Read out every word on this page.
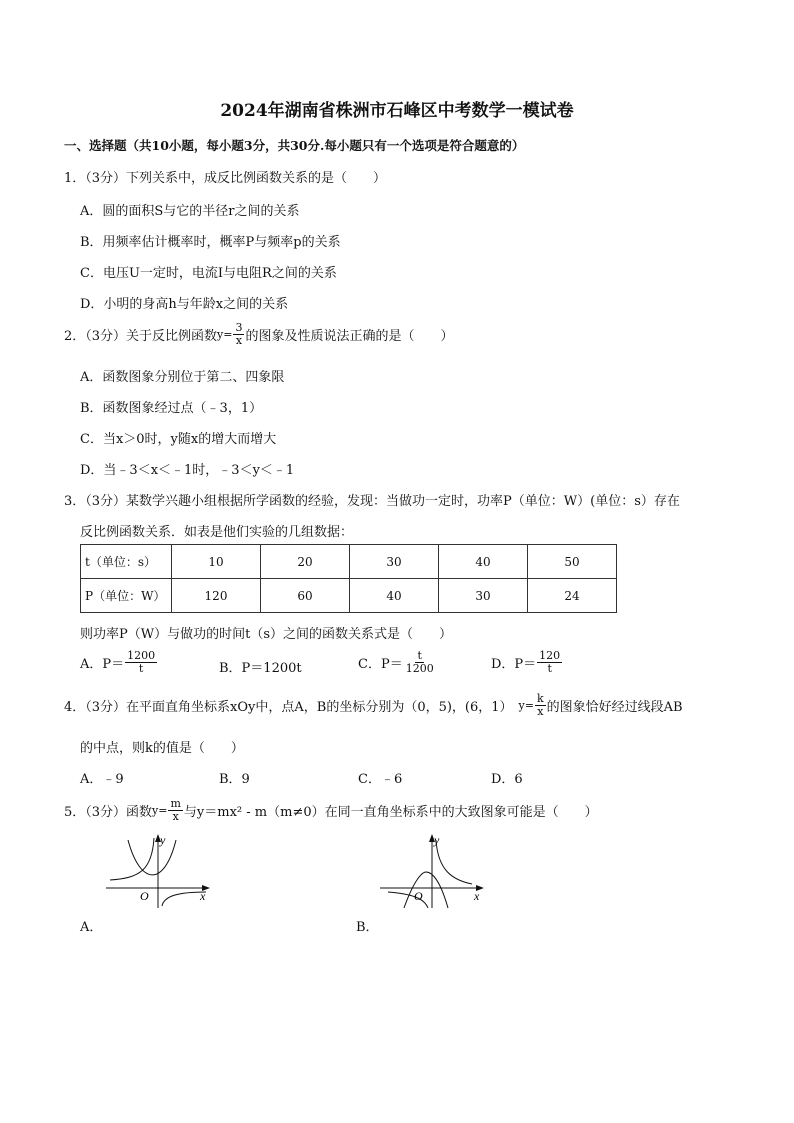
2024年湖南省株洲市石峰区中考数学一模试卷
一、选择题（共10小题，每小题3分，共30分.每小题只有一个选项是符合题意的）
1．（3分）下列关系中，成反比例函数关系的是（　　）
A．圆的面积S与它的半径r之间的关系
B．用频率估计概率时，概率P与频率p的关系
C．电压U一定时，电流I与电阻R之间的关系
D．小明的身高h与年龄x之间的关系
2．（3分）关于反比例函数 $y= \frac{3}{x}$ 的图象及性质说法正确的是（　　）
A．函数图象分别位于第二、四象限
B．函数图象经过点（﹣3，1）
C．当x＞0时，y随x的增大而增大
D．当﹣3＜x＜﹣1时，﹣3＜y＜﹣1
3．（3分）某数学兴趣小组根据所学函数的经验，发现：当做功一定时，功率P（单位：W）(单位：s）存在
反比例函数关系．如表是他们实验的几组数据：
t（单位：s）	10	20	30	40	50
P（单位：W）	120	60	40	30	24
则功率P（W）与做功的时间t（s）之间的函数关系式是（　　）
A．$P= \frac{1200}{t}$	B．P＝1200t	C．$P= \frac{t}{1200}$	D．$P= \frac{120}{t}$
4．（3分）在平面直角坐标系xOy中，点A，B的坐标分别为（0，5)，(6，1） $y= \frac{k}{x}$ 的图象恰好经过线段AB
的中点，则k的值是（　　）
A．﹣9	B．9	C．﹣6	D．6
5．（3分）函数 $y= \frac{m}{x}$ 与y＝mx² - m（m≠0）在同一直角坐标系中的大致图象可能是（　　）
O
y
x
A．
O
y
x
B．
